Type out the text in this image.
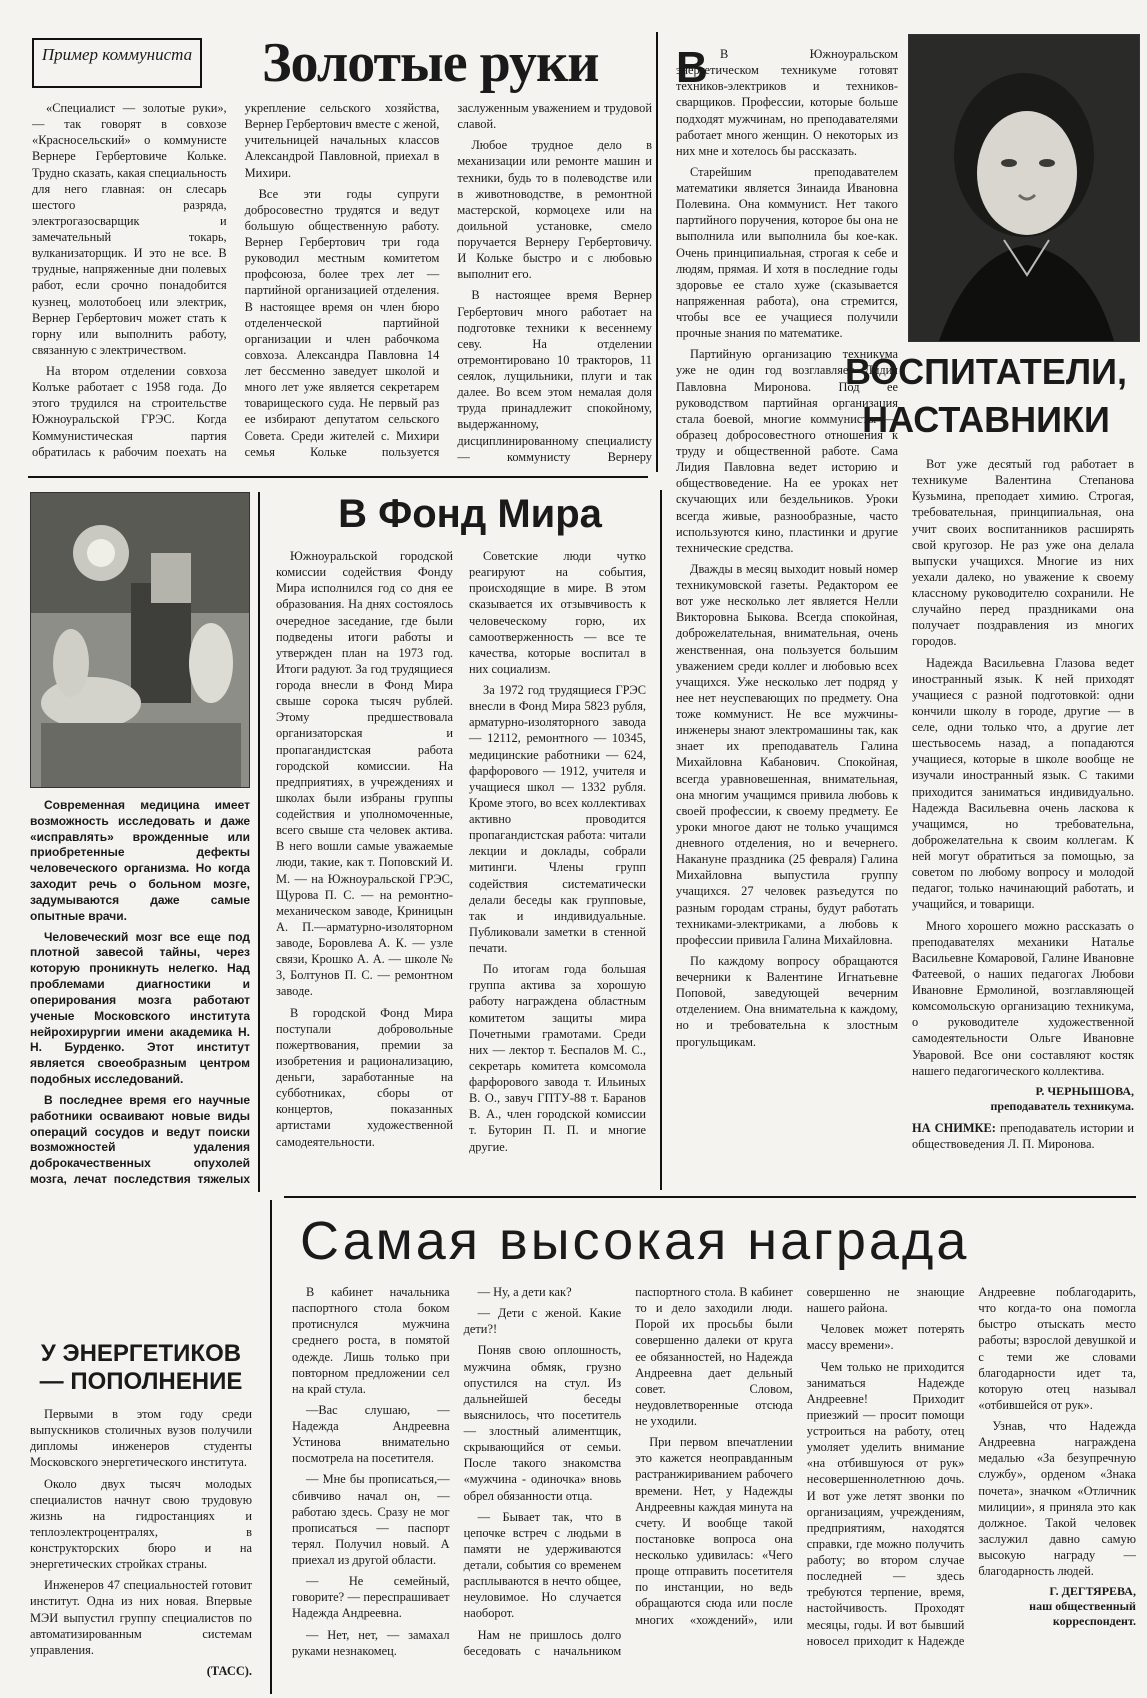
Пример коммуниста Золотые руки

«Специалист — золотые руки», — так говорят в совхозе «Красносельский» о коммунисте Вернере Гербертовиче Кольке. Трудно сказать, какая специальность для него главная: он слесарь шестого разряда, электрогазосварщик и замечательный токарь, вулканизаторщик. И это не все. В трудные, напряженные дни полевых работ, если срочно понадобится кузнец, молотобоец или электрик, Вернер Гербертович может стать к горну или выполнить работу, связанную с электричеством.

На втором отделении совхоза Колъке работает с 1958 года. До этого трудился на строительстве Южноуральской ГРЭС. Когда Коммунистическая партия обратилась к рабочим поехать на укрепление сельского хозяйства, Вернер Гербертович вместе с женой, учительницей начальных классов Александрой Павловной, приехал в Михири.

Все эти годы супруги добросовестно трудятся и ведут большую общественную работу. Вернер Гербертович три года руководил местным комитетом профсоюза, более трех лет — партийной организацией отделения. В настоящее время он член бюро отделенческой партийной организации и член рабочкома совхоза. Александра Павловна 14 лет бессменно заведует школой и много лет уже является секретарем товарищеского суда. Не первый раз ее избирают депутатом сельского Совета. Среди жителей с. Михири семья Кольке пользуется заслуженным уважением и трудовой славой.

Любое трудное дело в механизации или ремонте машин и техники, будь то в полеводстве или в животноводстве, в ремонтной мастерской, кормоцехе или на доильной установке, смело поручается Вернеру Гербертовичу. И Кольке быстро и с любовью выполнит его.

В настоящее время Вернер Гербертович много работает на подготовке техники к весеннему севу. На отделении отремонтировано 10 тракторов, 11 сеялок, лущильники, плуги и так далее. Во всем этом немалая доля труда принадлежит спокойному, выдержанному, дисциплинированному специалисту — коммунисту Вернеру

ВОСПИТАТЕЛИ, НАСТАВНИКИ
В В Южноуральском энергетическом техникуме готовят техников-электриков и техников-сварщиков. Профессии, которые больше подходят мужчинам, но преподавателями работает много женщин. О некоторых из них мне и хотелось бы рассказать.

Старейшим преподавателем математики является Зинаида Ивановна Полевина. Она коммунист. Нет такого партийного поручения, которое бы она не выполнила или выполнила бы кое-как. Очень принципиальная, строгая к себе и людям, прямая. И хотя в последние годы здоровье ее стало хуже (сказывается напряженная работа), она стремится, чтобы все ее учащиеся получили прочные знания по математике.

Партийную организацию техникума уже не один год возглавляет Лидия Павловна Миронова. Под ее руководством партийная организация стала боевой, многие коммунисты — образец добросовестного отношения к труду и общественной работе. Сама Лидия Павловна ведет историю и обществоведение. На ее уроках нет скучающих или бездельников. Уроки всегда живые, разнообразные, часто используются кино, пластинки и другие технические средства.

Дважды в месяц выходит новый номер техникумовской газеты. Редактором ее вот уже несколько лет является Нелли Викторовна Быкова. Всегда спокойная, доброжелательная, внимательная, очень женственная, она пользуется большим уважением среди коллег и любовью всех учащихся. Уже несколько лет подряд у нее нет неуспевающих по предмету. Она тоже коммунист. Не все мужчины-инженеры знают электромашины так, как знает их преподаватель Галина Михайловна Кабанович. Спокойная, всегда уравновешенная, внимательная, она многим учащимся привила любовь к своей профессии, к своему предмету. Ее уроки многое дают не только учащимся дневного отделения, но и вечернего. Накануне праздника (25 февраля) Галина Михайловна выпустила группу учащихся. 27 человек разъедутся по разным городам страны, будут работать техниками-электриками, а любовь к профессии привила Галина Михайловна.

По каждому вопросу обращаются вечерники к Валентине Игнатьевне Поповой, заведующей вечерним отделением. Она внимательна к каждому, но и требовательна к злостным прогульщикам.

Вот уже десятый год работает в техникуме Валентина Степанова Кузьмина, преподает химию. Строгая, требовательная, принципиальная, она учит своих воспитанников расширять свой кругозор. Не раз уже она делала выпуски учащихся. Многие из них уехали далеко, но уважение к своему классному руководителю сохранили. Не случайно перед праздниками она получает поздравления из многих городов.

Надежда Васильевна Глазова ведет иностранный язык. К ней приходят учащиеся с разной подготовкой: одни кончили школу в городе, другие — в селе, одни только что, а другие лет шестьвосемь назад, а попадаются учащиеся, которые в школе вообще не изучали иностранный язык. С такими приходится заниматься индивидуально. Надежда Васильевна очень ласкова к учащимся, но требовательна, доброжелательна к своим коллегам. К ней могут обратиться за помощью, за советом по любому вопросу и молодой педагог, только начинающий работать, и учащийся, и товарищи.

Много хорошего можно рассказать о преподавателях механики Наталье Васильевне Комаровой, Галине Ивановне Фатеевой, о наших педагогах Любови Ивановне Ермолиной, возглавляющей комсомольскую организацию техникума, о руководителе художественной самодеятельности Ольге Ивановне Уваровой. Все они составляют костяк нашего педагогического коллектива.

Р. ЧЕРНЫШОВА,
преподаватель техникума.
НА СНИМКЕ: преподаватель истории и обществоведения Л. П. Миронова.

Современная медицина имеет возможность исследовать и даже «исправлять» врожденные или приобретенные дефекты человеческого организма. Но когда заходит речь о больном мозге, задумываются даже самые опытные врачи.

Человеческий мозг все еще под плотной завесой тайны, через которую проникнуть нелегко. Над проблемами диагностики и оперирования мозга работают ученые Московского института нейрохирургии имени академика Н. Н. Бурденко. Этот институт является своеобразным центром подобных исследований.

В последнее время его научные работники осваивают новые виды операций сосудов и ведут поиски возможностей удаления доброкачественных опухолей мозга, лечат последствия тяжелых

В Фонд Мира

Южноуральской городской комиссии содействия Фонду Мира исполнился год со дня ее образования. На днях состоялось очередное заседание, где были подведены итоги работы и утвержден план на 1973 год. Итоги радуют. За год трудящиеся города внесли в Фонд Мира свыше сорока тысяч рублей. Этому предшествовала организаторская и пропагандистская работа городской комиссии. На предприятиях, в учреждениях и школах были избраны группы содействия и уполномоченные, всего свыше ста человек актива. В него вошли самые уважаемые люди, такие, как т. Поповский И. М. — на Южноуральской ГРЭС, Щурова П. С. — на ремонтно-механическом заводе, Криницын А. П.—арматурно-изоляторном заводе, Боровлева А. К. — узле связи, Крошко А. А. — школе № 3, Болтунов П. С. — ремонтном заводе.

В городской Фонд Мира поступали добровольные пожертвования, премии за изобретения и рационализацию, деньги, заработанные на субботниках, сборы от концертов, показанных артистами художественной самодеятельности.

Советские люди чутко реагируют на события, происходящие в мире. В этом сказывается их отзывчивость к человеческому горю, их самоотверженность — все те качества, которые воспитал в них социализм.

За 1972 год трудящиеся ГРЭС внесли в Фонд Мира 5823 рубля, арматурно-изоляторного завода — 12112, ремонтного — 10345, медицинские работники — 624, фарфорового — 1912, учителя и учащиеся школ — 1332 рубля. Кроме этого, во всех коллективах активно проводится пропагандистская работа: читали лекции и доклады, собрали митинги. Члены групп содействия систематически делали беседы как групповые, так и индивидуальные. Публиковали заметки в стенной печати.

По итогам года большая группа актива за хорошую работу награждена областным комитетом защиты мира Почетными грамотами. Среди них — лектор т. Беспалов М. С., секретарь комитета комсомола фарфорового завода т. Ильиных В. О., завуч ГПТУ-88 т. Баранов В. А., член городской комиссии т. Буторин П. П. и многие другие.

У ЭНЕРГЕТИКОВ— ПОПОЛНЕНИЕ

Первыми в этом году среди выпускников столичных вузов получили дипломы инженеров студенты Московского энергетического института.

Около двух тысяч молодых специалистов начнут свою трудовую жизнь на гидростанциях и теплоэлектроцентралях, в конструкторских бюро и на энергетических стройках страны.

Инженеров 47 специальностей готовит институт. Одна из них новая. Впервые МЭИ выпустил группу специалистов по автоматизированным системам управления.

(ТАСС).
Самая высокая награда

В кабинет начальника паспортного стола боком протиснулся мужчина среднего роста, в помятой одежде. Лишь только при повторном предложении сел на край стула.

—Вас слушаю, — Надежда Андреевна Устинова внимательно посмотрела на посетителя.

— Мне бы прописаться,—сбивчиво начал он, — работаю здесь. Сразу не мог прописаться — паспорт терял. Получил новый. А приехал из другой области.

— Не семейный, говорите? — переспрашивает Надежда Андреевна.

— Нет, нет, — замахал руками незнакомец.

— Ну, а дети как?

— Дети с женой. Какие дети?!

Поняв свою оплошность, мужчина обмяк, грузно опустился на стул. Из дальнейшей беседы выяснилось, что посетитель — злостный алиментщик, скрывающийся от семьи. После такого знакомства «мужчина - одиночка» вновь обрел обязанности отца.

— Бывает так, что в цепочке встреч с людьми в памяти не удерживаются детали, события со временем расплываются в нечто общее, неуловимое. Но случается наоборот.

Нам не пришлось долго беседовать с начальником паспортного стола. В кабинет то и дело заходили люди. Порой их просьбы были совершенно далеки от круга ее обязанностей, но Надежда Андреевна дает дельный совет. Словом, неудовлетворенные отсюда не уходили.

При первом впечатлении это кажется неоправданным растранжириванием рабочего времени. Нет, у Надежды Андреевны каждая минута на счету. И вообще такой постановке вопроса она несколько удивилась: «Чего проще отправить посетителя по инстанции, но ведь обращаются сюда или после многих «хождений», или совершенно не знающие нашего района.

Человек может потерять массу времени».

Чем только не приходится заниматься Надежде Андреевне! Приходит приезжий — просит помощи устроиться на работу, отец умоляет уделить внимание «на отбившуюся от рук» несовершеннолетнюю дочь. И вот уже летят звонки по организациям, учреждениям, предприятиям, находятся справки, где можно получить работу; во втором случае последней — здесь требуются терпение, время, настойчивость. Проходят месяцы, годы. И вот бывший новосел приходит к Надежде Андреевне поблагодарить, что когда-то она помогла быстро отыскать место работы; взрослой девушкой и с теми же словами благодарности идет та, которую отец называл «отбившейся от рук».

Узнав, что Надежда Андреевна награждена медалью «За безупречную службу», орденом «Знака почета», значком «Отличник милиции», я приняла это как должное. Такой человек заслужил давно самую высокую награду — благодарность людей.

Г. ДЕГТЯРЕВА,
наш общественный корреспондент.
